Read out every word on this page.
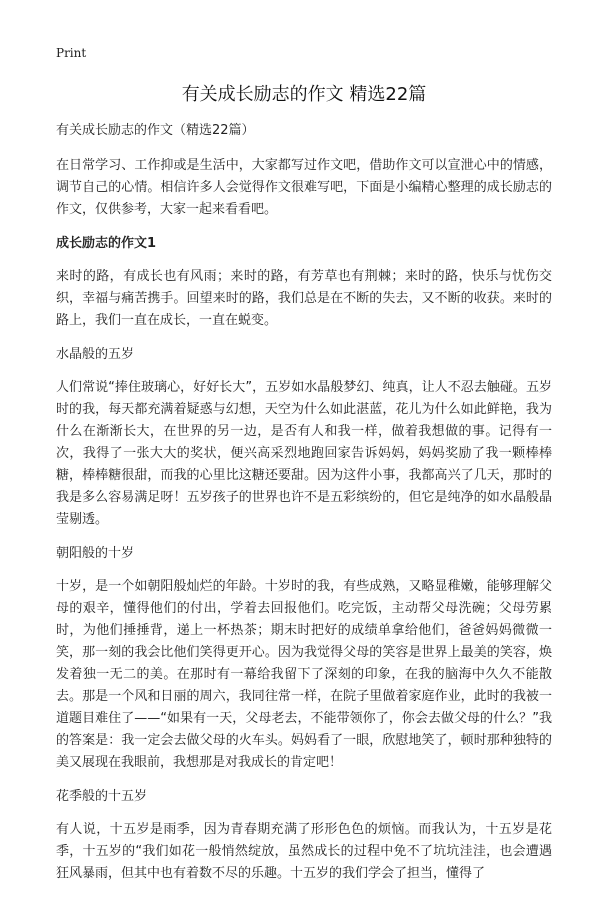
Print
有关成长励志的作文 精选22篇

有关成长励志的作文（精选22篇）

在日常学习、工作抑或是生活中，大家都写过作文吧，借助作文可以宣泄心中的情感，调节自己的心情。相信许多人会觉得作文很难写吧，下面是小编精心整理的成长励志的作文，仅供参考，大家一起来看看吧。

成长励志的作文1

来时的路，有成长也有风雨；来时的路，有芳草也有荆棘；来时的路，快乐与忧伤交织，幸福与痛苦携手。回望来时的路，我们总是在不断的失去，又不断的收获。来时的路上，我们一直在成长，一直在蜕变。

水晶般的五岁

人们常说“捧住玻璃心，好好长大”，五岁如水晶般梦幻、纯真，让人不忍去触碰。五岁时的我，每天都充满着疑惑与幻想，天空为什么如此湛蓝，花儿为什么如此鲜艳，我为什么在渐渐长大，在世界的另一边，是否有人和我一样，做着我想做的事。记得有一次，我得了一张大大的奖状，便兴高采烈地跑回家告诉妈妈，妈妈奖励了我一颗棒棒糖，棒棒糖很甜，而我的心里比这糖还要甜。因为这件小事，我都高兴了几天，那时的我是多么容易满足呀！五岁孩子的世界也许不是五彩缤纷的，但它是纯净的如水晶般晶莹剔透。

朝阳般的十岁

十岁，是一个如朝阳般灿烂的年龄。十岁时的我，有些成熟，又略显稚嫩，能够理解父母的艰辛，懂得他们的付出，学着去回报他们。吃完饭，主动帮父母洗碗；父母劳累时，为他们捶捶背，递上一杯热茶；期末时把好的成绩单拿给他们，爸爸妈妈微微一笑，那一刻的我会比他们笑得更开心。因为我觉得父母的笑容是世界上最美的笑容，焕发着独一无二的美。在那时有一幕给我留下了深刻的印象，在我的脑海中久久不能散去。那是一个风和日丽的周六，我同往常一样，在院子里做着家庭作业，此时的我被一道题目难住了——“如果有一天，父母老去，不能带领你了，你会去做父母的什么？”我的答案是：我一定会去做父母的火车头。妈妈看了一眼，欣慰地笑了，顿时那种独特的美又展现在我眼前，我想那是对我成长的肯定吧！

花季般的十五岁

有人说，十五岁是雨季，因为青春期充满了形形色色的烦恼。而我认为，十五岁是花季，十五岁的“我们如花一般悄然绽放，虽然成长的过程中免不了坑坑洼洼，也会遭遇狂风暴雨，但其中也有着数不尽的乐趣。十五岁的我们学会了担当，懂得了
